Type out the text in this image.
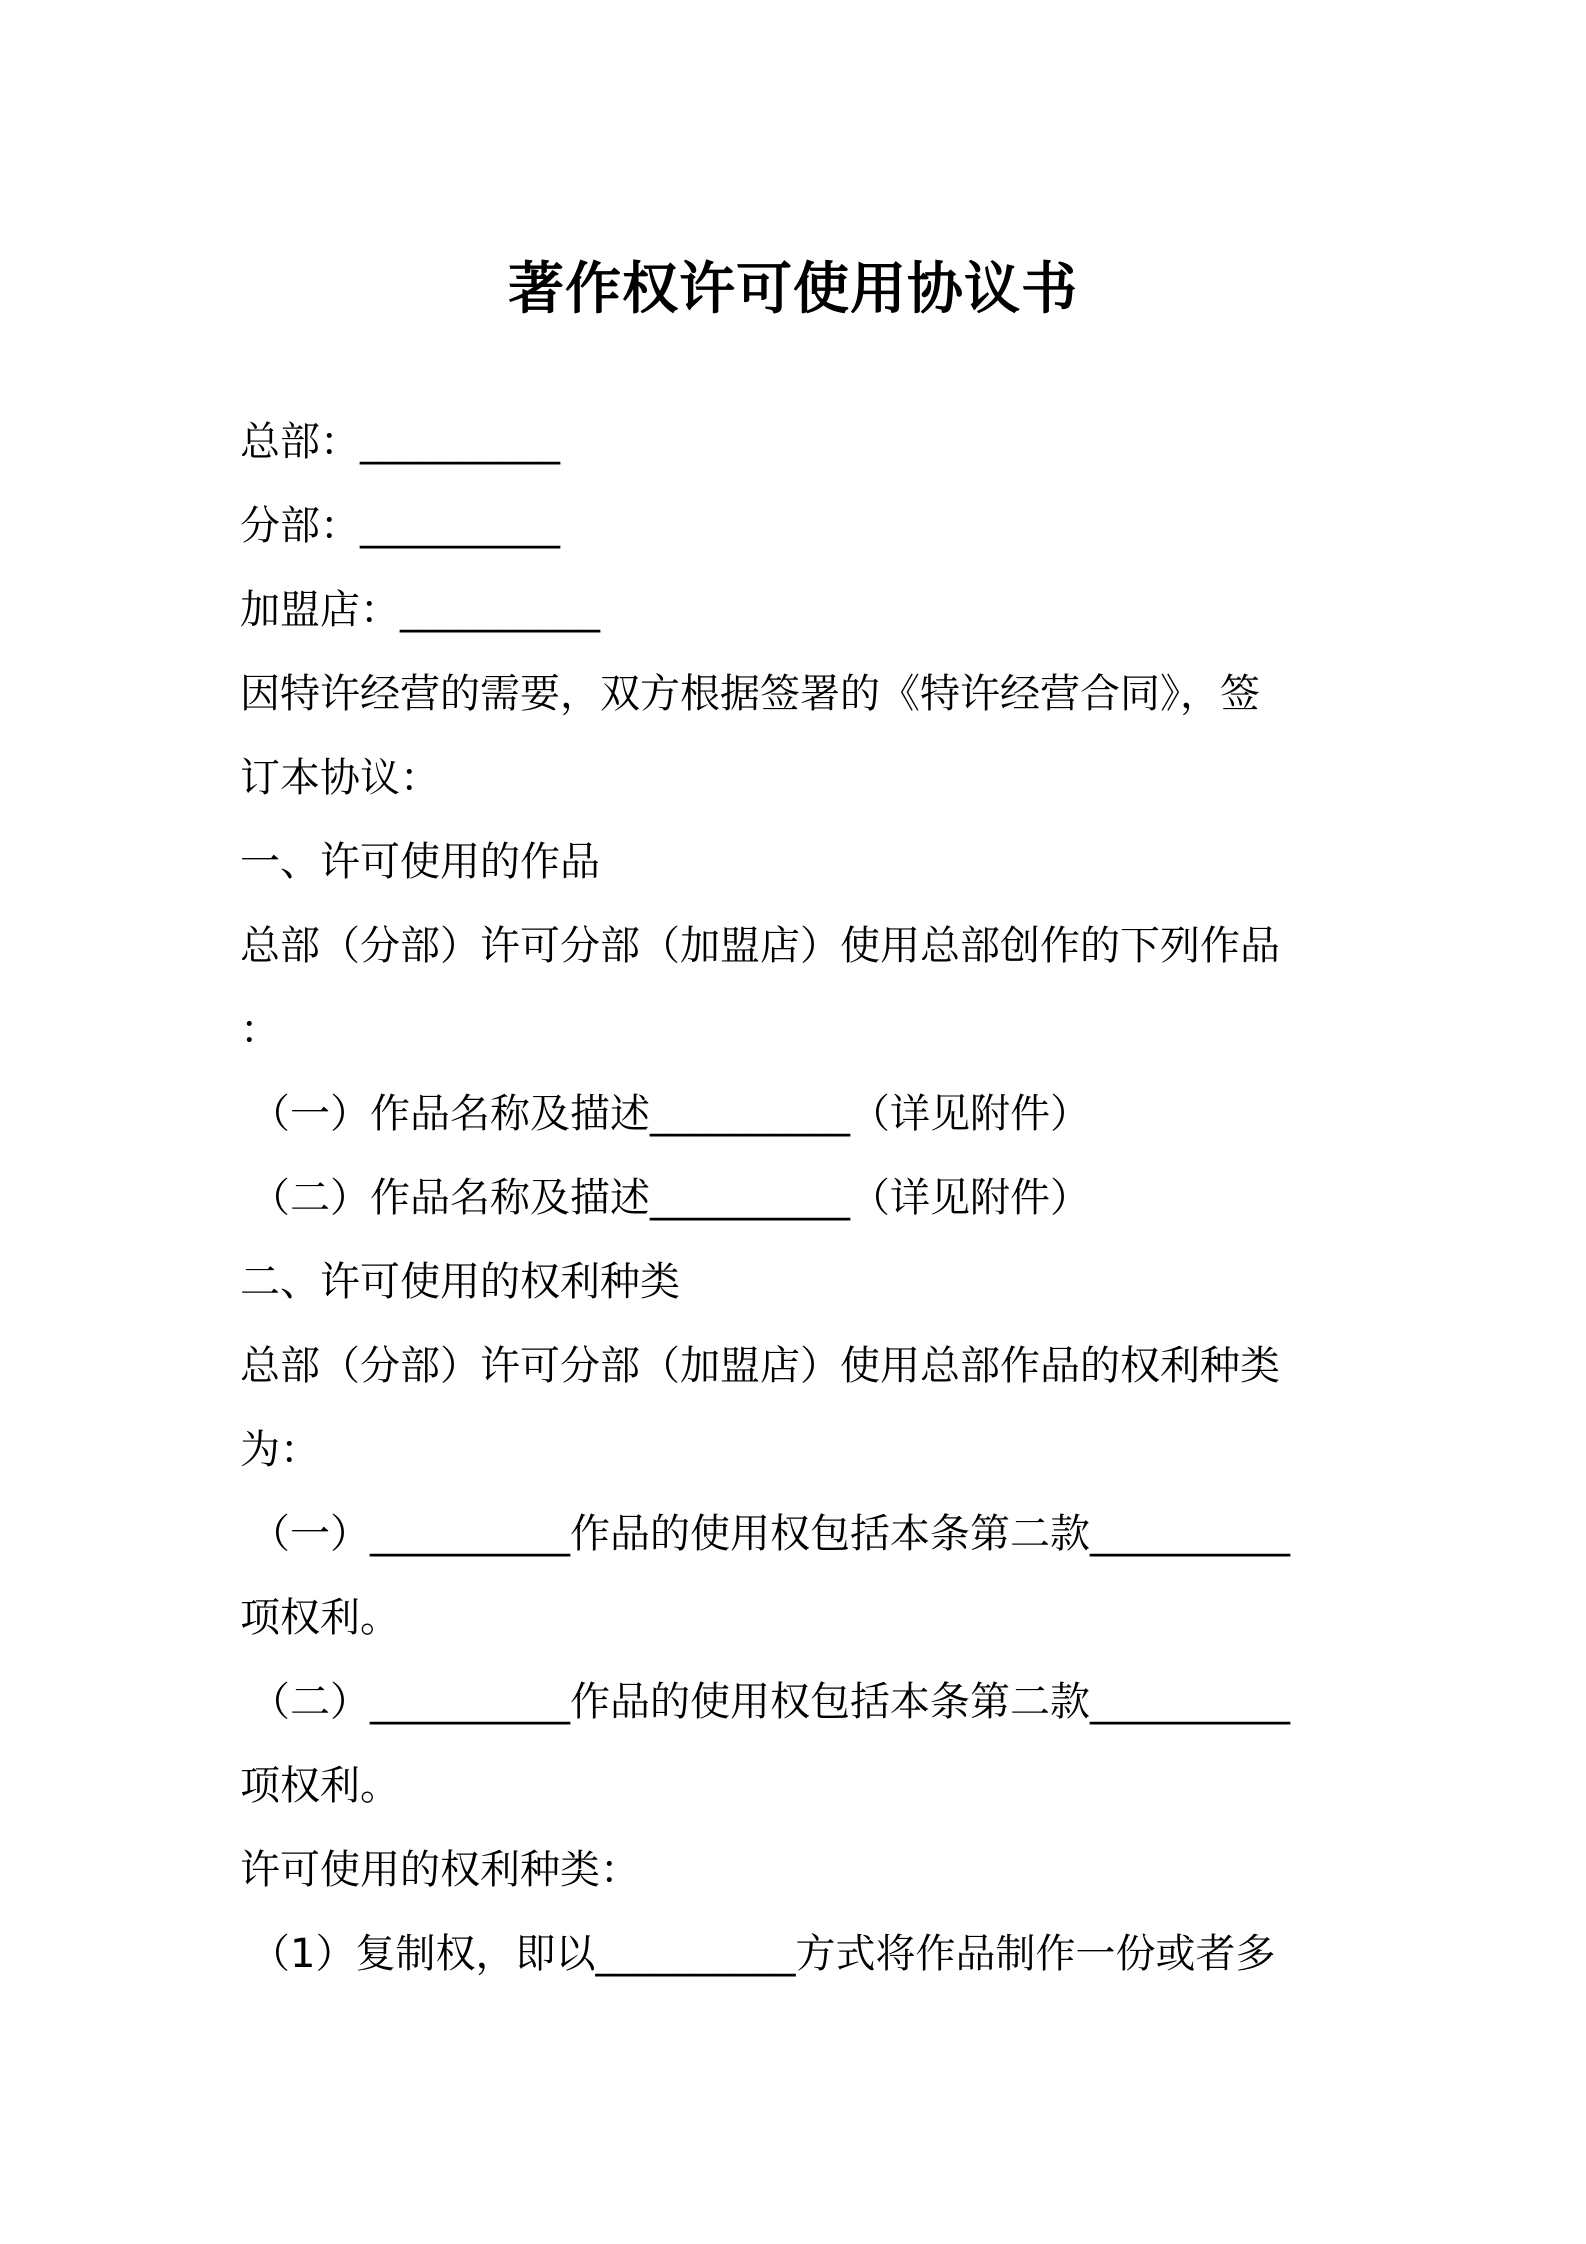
著作权许可使用协议书
总部：__________
分部：__________
加盟店：__________
因特许经营的需要，双方根据签署的《特许经营合同》，签
订本协议：
一、许可使用的作品
总部（分部）许可分部（加盟店）使用总部创作的下列作品
：
（一）作品名称及描述__________（详见附件）
（二）作品名称及描述__________（详见附件）
二、许可使用的权利种类
总部（分部）许可分部（加盟店）使用总部作品的权利种类
为：
（一）__________作品的使用权包括本条第二款__________
项权利。
（二）__________作品的使用权包括本条第二款__________
项权利。
许可使用的权利种类：
（1）复制权，即以__________方式将作品制作一份或者多
